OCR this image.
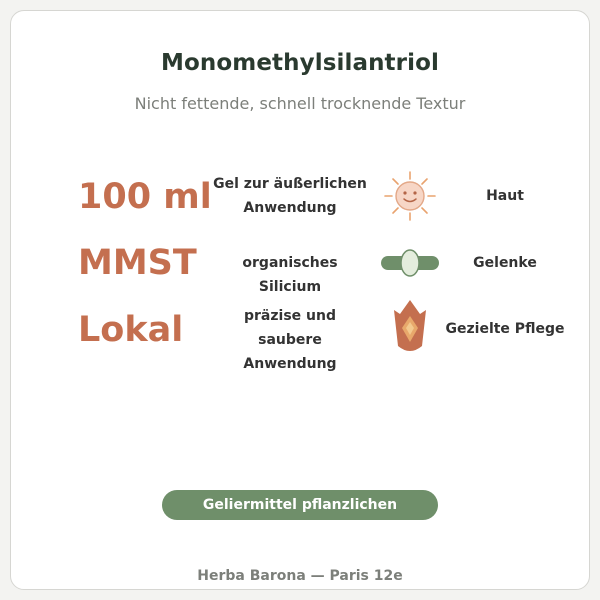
Monomethylsilantriol
Nicht fettende, schnell trocknende Textur
100 ml Gel zur äußerlichen
Anwendung
Haut
MMST	organisches Silicium
Gelenke
Lokal	präzise und saubere
Anwendung
Gezielte Pflege
Geliermittel pflanzlichen Ursprungs
Herba Barona — Paris 12e
